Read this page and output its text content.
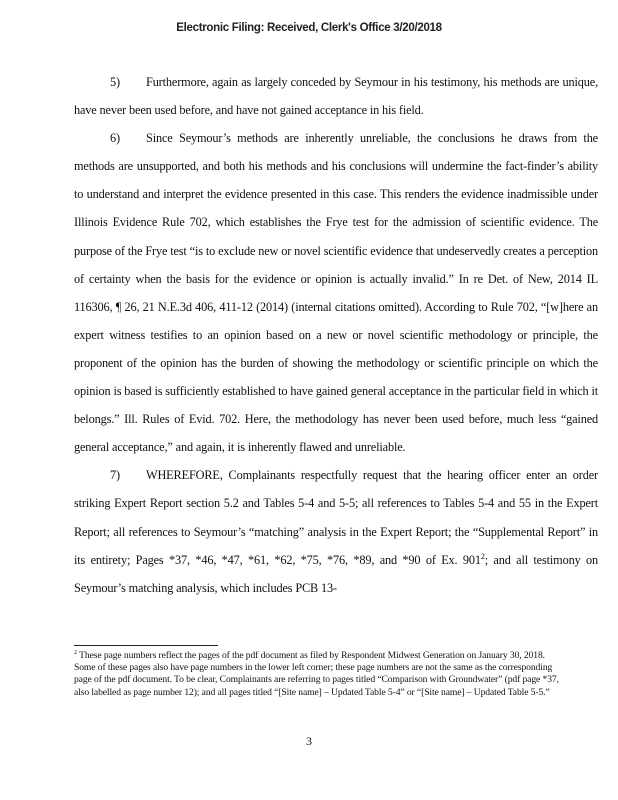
Electronic Filing: Received, Clerk's Office 3/20/2018

5) Furthermore, again as largely conceded by Seymour in his testimony, his methods are unique, have never been used before, and have not gained acceptance in his field.

6) Since Seymour’s methods are inherently unreliable, the conclusions he draws from the methods are unsupported, and both his methods and his conclusions will undermine the fact-finder’s ability to understand and interpret the evidence presented in this case. This renders the evidence inadmissible under Illinois Evidence Rule 702, which establishes the Frye test for the admission of scientific evidence. The purpose of the Frye test “is to exclude new or novel scientific evidence that undeservedly creates a perception of certainty when the basis for the evidence or opinion is actually invalid.” In re Det. of New, 2014 IL 116306, ¶ 26, 21 N.E.3d 406, 411-12 (2014) (internal citations omitted). According to Rule 702, “[w]here an expert witness testifies to an opinion based on a new or novel scientific methodology or principle, the proponent of the opinion has the burden of showing the methodology or scientific principle on which the opinion is based is sufficiently established to have gained general acceptance in the particular field in which it belongs.” Ill. Rules of Evid. 702. Here, the methodology has never been used before, much less “gained general acceptance,” and again, it is inherently flawed and unreliable.

7) WHEREFORE, Complainants respectfully request that the hearing officer enter an order striking Expert Report section 5.2 and Tables 5-4 and 5-5; all references to Tables 5-4 and 55 in the Expert Report; all references to Seymour’s “matching” analysis in the Expert Report; the “Supplemental Report” in its entirety; Pages *37, *46, *47, *61, *62, *75, *76, *89, and *90 of Ex. $901^2$; and all testimony on Seymour’s matching analysis, which includes PCB 13-

$^2$ These page numbers reflect the pages of the pdf document as filed by Respondent Midwest Generation on January 30, 2018. Some of these pages also have page numbers in the lower left corner; these page numbers are not the same as the corresponding page of the pdf document. To be clear, Complainants are referring to pages titled “Comparison with Groundwater” (pdf page *37, also labelled as page number 12); and all pages titled “[Site name] – Updated Table 5-4” or “[Site name] – Updated Table 5-5.”

3
